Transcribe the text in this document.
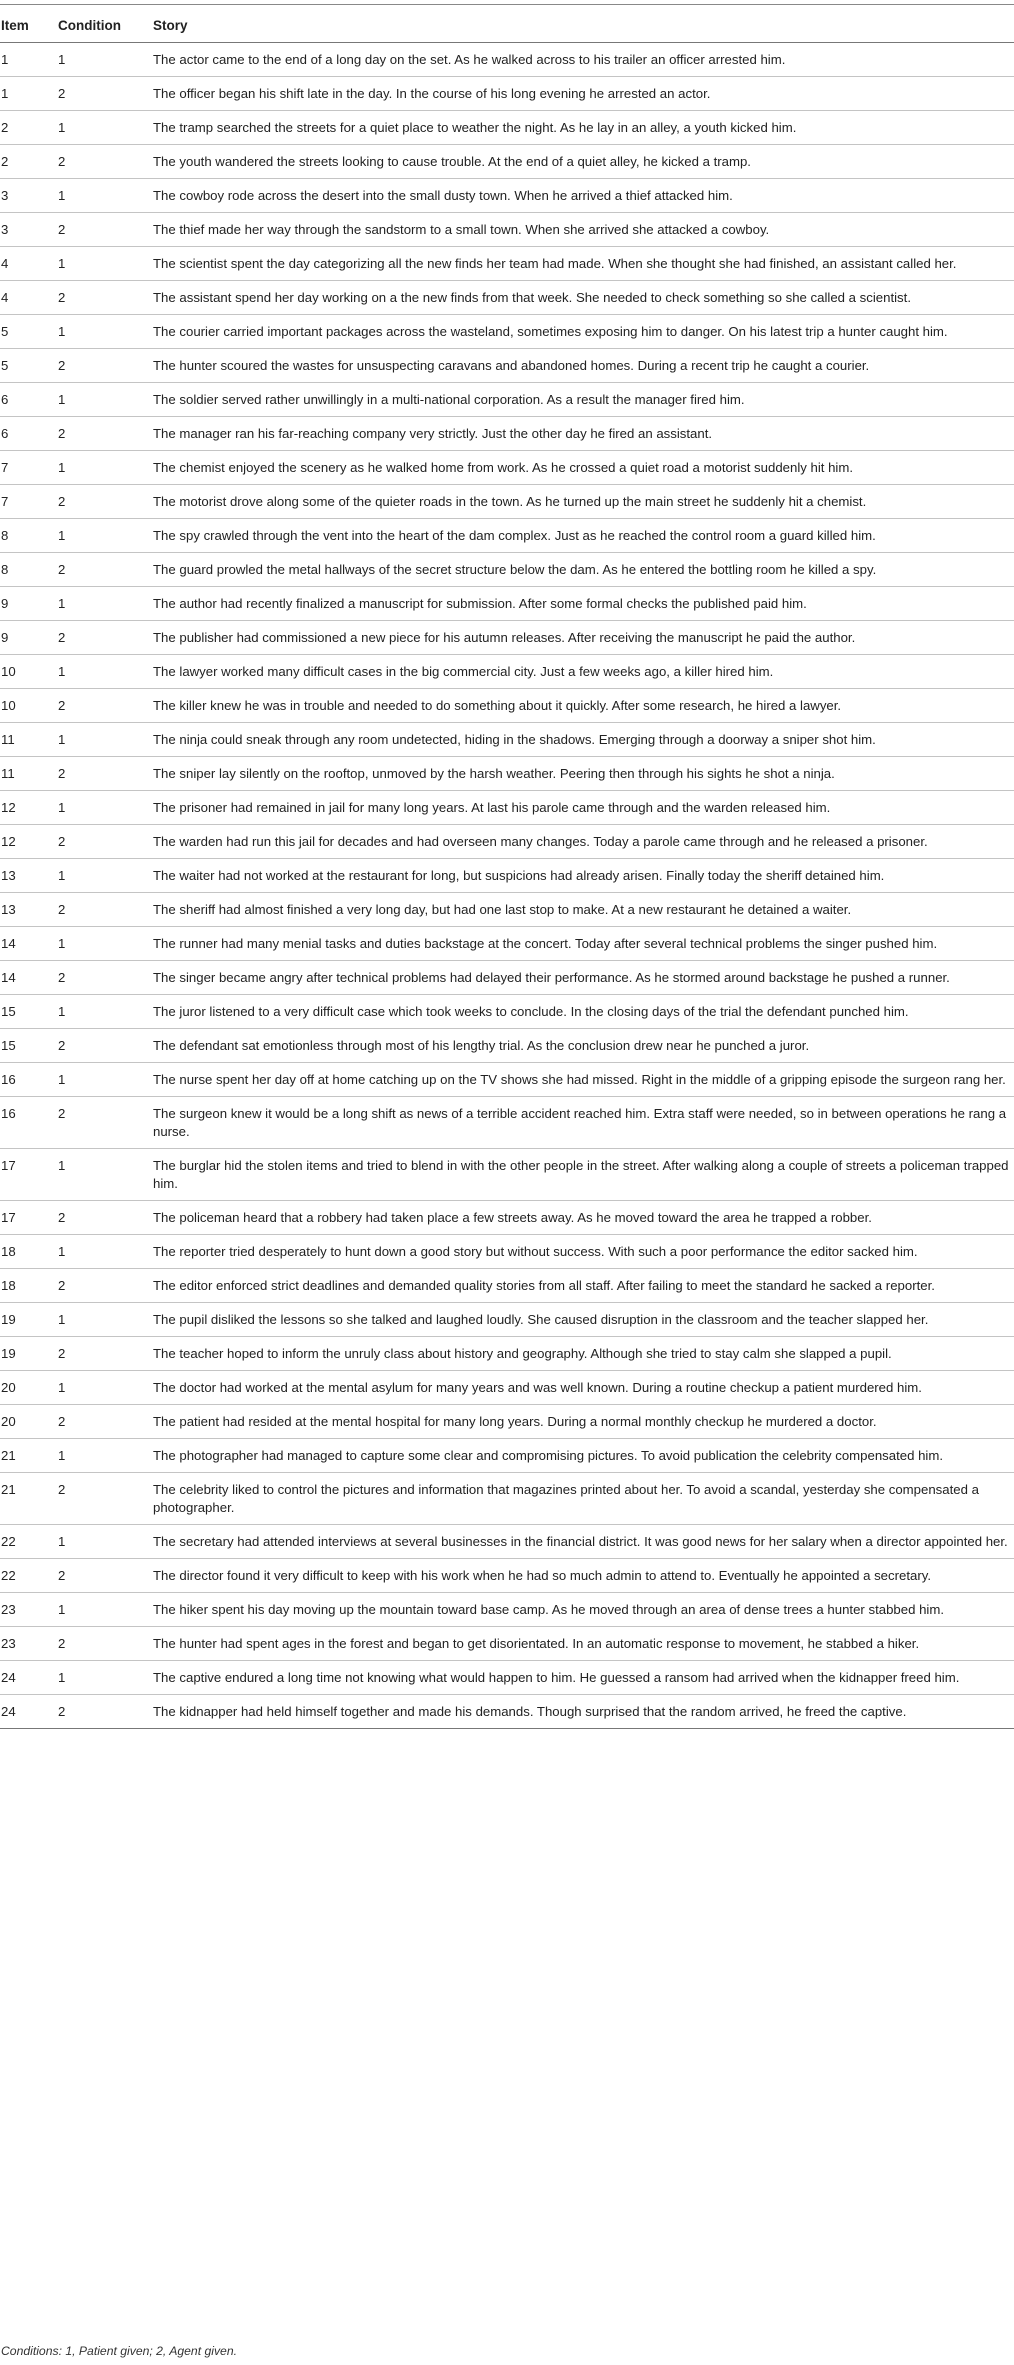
Item	Condition	Story
1	1	The actor came to the end of a long day on the set. As he walked across to his trailer an officer arrested him.
1	2	The officer began his shift late in the day. In the course of his long evening he arrested an actor.
2	1	The tramp searched the streets for a quiet place to weather the night. As he lay in an alley, a youth kicked him.
2	2	The youth wandered the streets looking to cause trouble. At the end of a quiet alley, he kicked a tramp.
3	1	The cowboy rode across the desert into the small dusty town. When he arrived a thief attacked him.
3	2	The thief made her way through the sandstorm to a small town. When she arrived she attacked a cowboy.
4	1	The scientist spent the day categorizing all the new finds her team had made. When she thought she had finished, an assistant called her.
4	2	The assistant spend her day working on a the new finds from that week. She needed to check something so she called a scientist.
5	1	The courier carried important packages across the wasteland, sometimes exposing him to danger. On his latest trip a hunter caught him.
5	2	The hunter scoured the wastes for unsuspecting caravans and abandoned homes. During a recent trip he caught a courier.
6	1	The soldier served rather unwillingly in a multi-national corporation. As a result the manager fired him.
6	2	The manager ran his far-reaching company very strictly. Just the other day he fired an assistant.
7	1	The chemist enjoyed the scenery as he walked home from work. As he crossed a quiet road a motorist suddenly hit him.
7	2	The motorist drove along some of the quieter roads in the town. As he turned up the main street he suddenly hit a chemist.
8	1	The spy crawled through the vent into the heart of the dam complex. Just as he reached the control room a guard killed him.
8	2	The guard prowled the metal hallways of the secret structure below the dam. As he entered the bottling room he killed a spy.
9	1	The author had recently finalized a manuscript for submission. After some formal checks the published paid him.
9	2	The publisher had commissioned a new piece for his autumn releases. After receiving the manuscript he paid the author.
10	1	The lawyer worked many difficult cases in the big commercial city. Just a few weeks ago, a killer hired him.
10	2	The killer knew he was in trouble and needed to do something about it quickly. After some research, he hired a lawyer.
11	1	The ninja could sneak through any room undetected, hiding in the shadows. Emerging through a doorway a sniper shot him.
11	2	The sniper lay silently on the rooftop, unmoved by the harsh weather. Peering then through his sights he shot a ninja.
12	1	The prisoner had remained in jail for many long years. At last his parole came through and the warden released him.
12	2	The warden had run this jail for decades and had overseen many changes. Today a parole came through and he released a prisoner.
13	1	The waiter had not worked at the restaurant for long, but suspicions had already arisen. Finally today the sheriff detained him.
13	2	The sheriff had almost finished a very long day, but had one last stop to make. At a new restaurant he detained a waiter.
14	1	The runner had many menial tasks and duties backstage at the concert. Today after several technical problems the singer pushed him.
14	2	The singer became angry after technical problems had delayed their performance. As he stormed around backstage he pushed a runner.
15	1	The juror listened to a very difficult case which took weeks to conclude. In the closing days of the trial the defendant punched him.
15	2	The defendant sat emotionless through most of his lengthy trial. As the conclusion drew near he punched a juror.
16	1	The nurse spent her day off at home catching up on the TV shows she had missed. Right in the middle of a gripping episode the surgeon rang her.
16	2	The surgeon knew it would be a long shift as news of a terrible accident reached him. Extra staff were needed, so in between operations he rang a nurse.
17	1	The burglar hid the stolen items and tried to blend in with the other people in the street. After walking along a couple of streets a policeman trapped him.
17	2	The policeman heard that a robbery had taken place a few streets away. As he moved toward the area he trapped a robber.
18	1	The reporter tried desperately to hunt down a good story but without success. With such a poor performance the editor sacked him.
18	2	The editor enforced strict deadlines and demanded quality stories from all staff. After failing to meet the standard he sacked a reporter.
19	1	The pupil disliked the lessons so she talked and laughed loudly. She caused disruption in the classroom and the teacher slapped her.
19	2	The teacher hoped to inform the unruly class about history and geography. Although she tried to stay calm she slapped a pupil.
20	1	The doctor had worked at the mental asylum for many years and was well known. During a routine checkup a patient murdered him.
20	2	The patient had resided at the mental hospital for many long years. During a normal monthly checkup he murdered a doctor.
21	1	The photographer had managed to capture some clear and compromising pictures. To avoid publication the celebrity compensated him.
21	2	The celebrity liked to control the pictures and information that magazines printed about her. To avoid a scandal, yesterday she compensated a photographer.
22	1	The secretary had attended interviews at several businesses in the financial district. It was good news for her salary when a director appointed her.
22	2	The director found it very difficult to keep with his work when he had so much admin to attend to. Eventually he appointed a secretary.
23	1	The hiker spent his day moving up the mountain toward base camp. As he moved through an area of dense trees a hunter stabbed him.
23	2	The hunter had spent ages in the forest and began to get disorientated. In an automatic response to movement, he stabbed a hiker.
24	1	The captive endured a long time not knowing what would happen to him. He guessed a ransom had arrived when the kidnapper freed him.
24	2	The kidnapper had held himself together and made his demands. Though surprised that the random arrived, he freed the captive.
Conditions: 1, Patient given; 2, Agent given.
